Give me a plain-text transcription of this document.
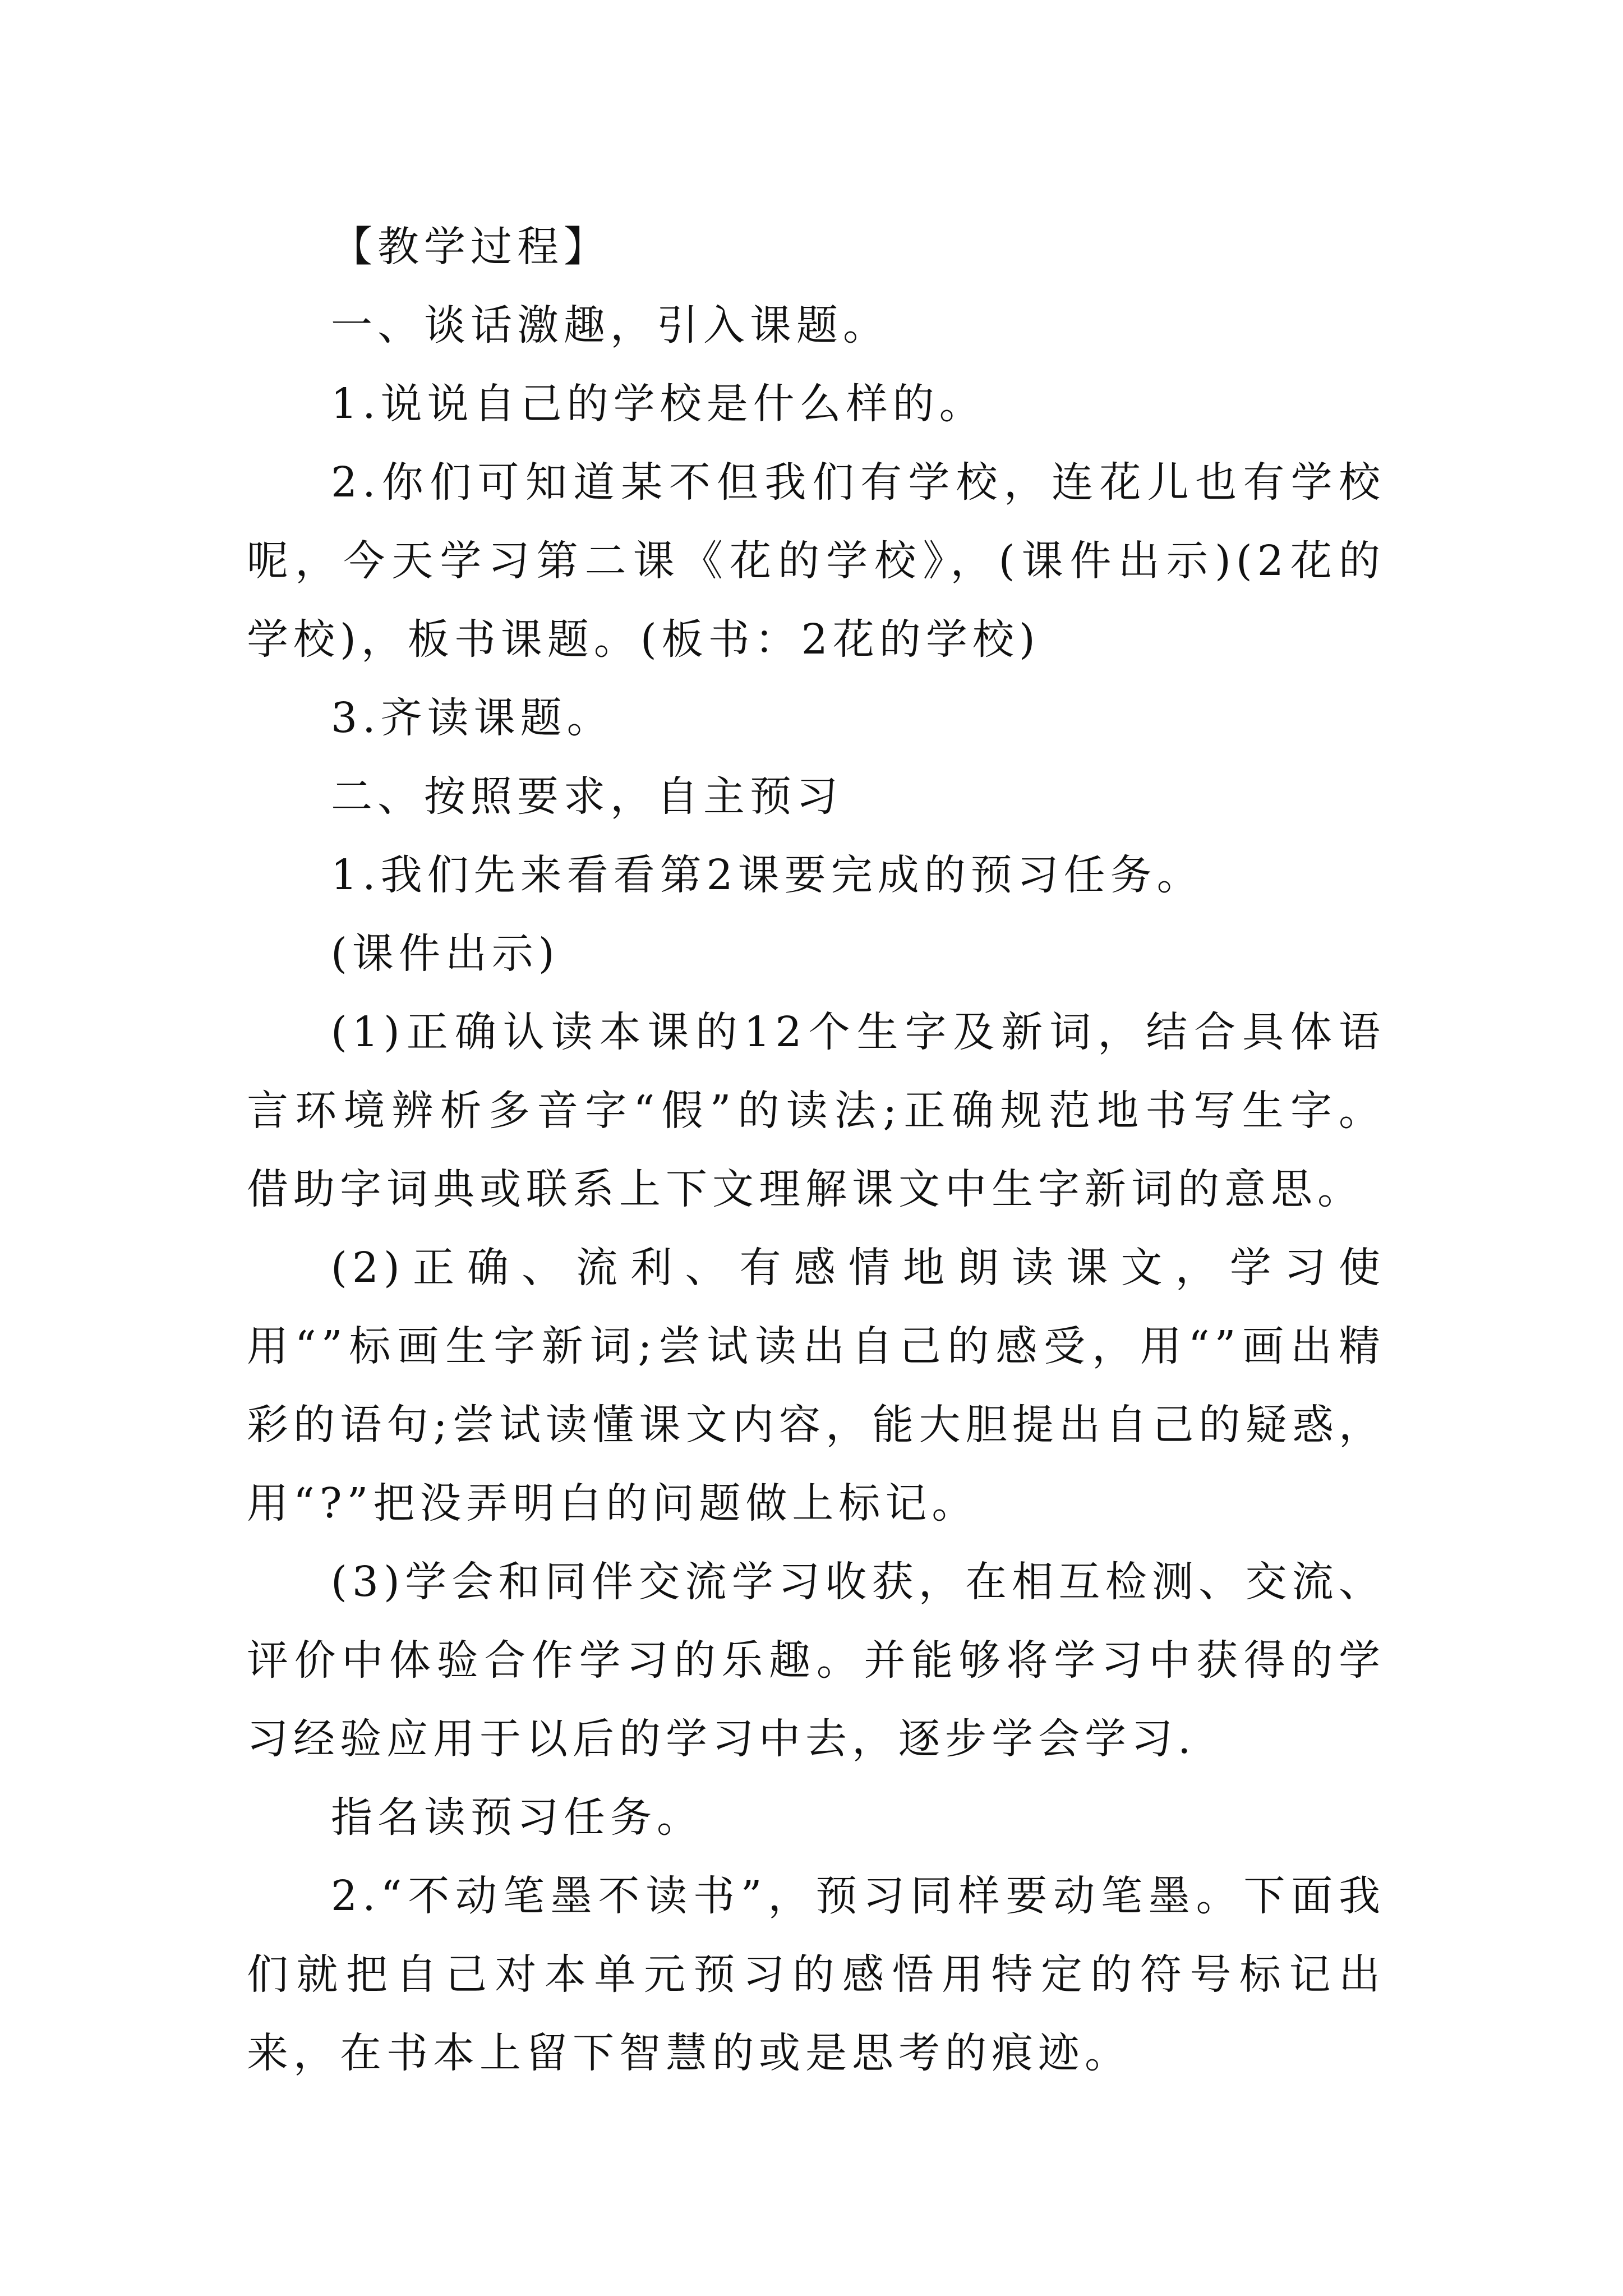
【教学过程】

一、谈话激趣，引入课题。

1.说说自己的学校是什么样的。

2.你们可知道某不但我们有学校，连花儿也有学校呢，今天学习第二课《花的学校》，(课件出示)(2花的学校)，板书课题。(板书：2花的学校)

3.齐读课题。

二、按照要求，自主预习

1.我们先来看看第2课要完成的预习任务。

(课件出示)

(1)正确认读本课的12个生字及新词，结合具体语言环境辨析多音字“假”的读法;正确规范地书写生字。借助字词典或联系上下文理解课文中生字新词的意思。

(2)正确、流利、有感情地朗读课文，学习使用“”标画生字新词;尝试读出自己的感受，用“”画出精彩的语句;尝试读懂课文内容，能大胆提出自己的疑惑，用“?”把没弄明白的问题做上标记。

(3)学会和同伴交流学习收获，在相互检测、交流、评价中体验合作学习的乐趣。并能够将学习中获得的学习经验应用于以后的学习中去，逐步学会学习.

指名读预习任务。

2.“不动笔墨不读书”，预习同样要动笔墨。下面我们就把自己对本单元预习的感悟用特定的符号标记出来，在书本上留下智慧的或是思考的痕迹。
